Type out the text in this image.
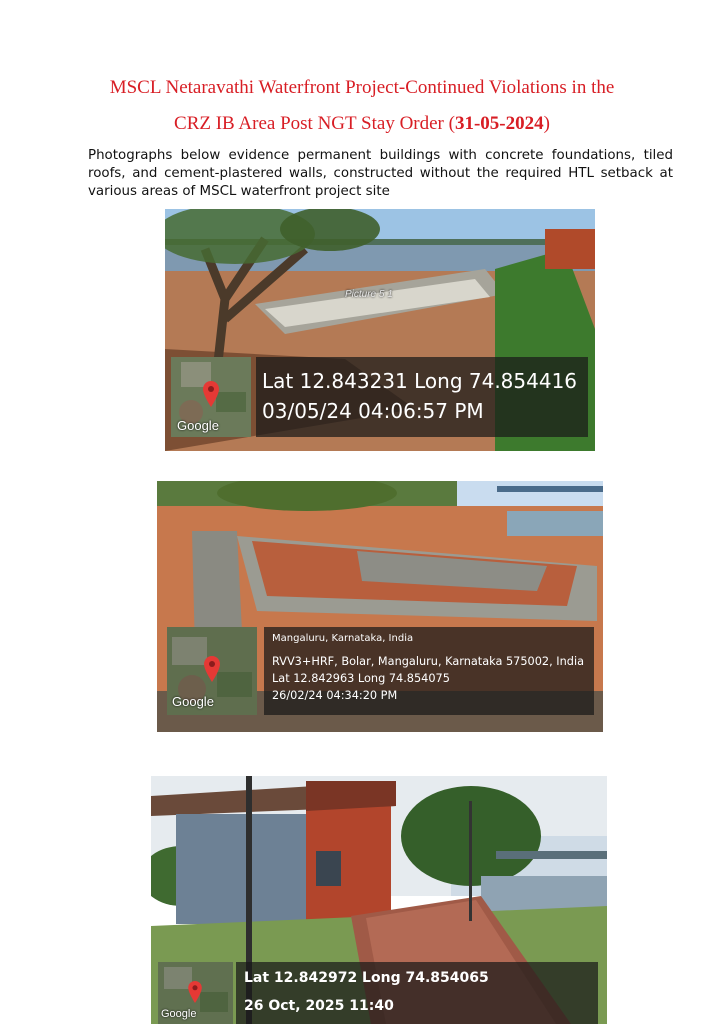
MSCL Netaravathi Waterfront Project-Continued Violations in the
CRZ IB Area Post NGT Stay Order (31-05-2024)
Photographs below evidence permanent buildings with concrete foundations, tiled roofs, and cement-plastered walls, constructed without the required HTL setback at various areas of MSCL waterfront project site
Picture 5 1
Google
Lat 12.843231 Long 74.854416
03/05/24 04:06:57 PM
Google
Mangaluru, Karnataka, India
RVV3+HRF, Bolar, Mangaluru, Karnataka 575002, India
Lat 12.842963 Long 74.854075
26/02/24 04:34:20 PM
Google
Lat 12.842972 Long 74.854065
26 Oct, 2025 11:40
